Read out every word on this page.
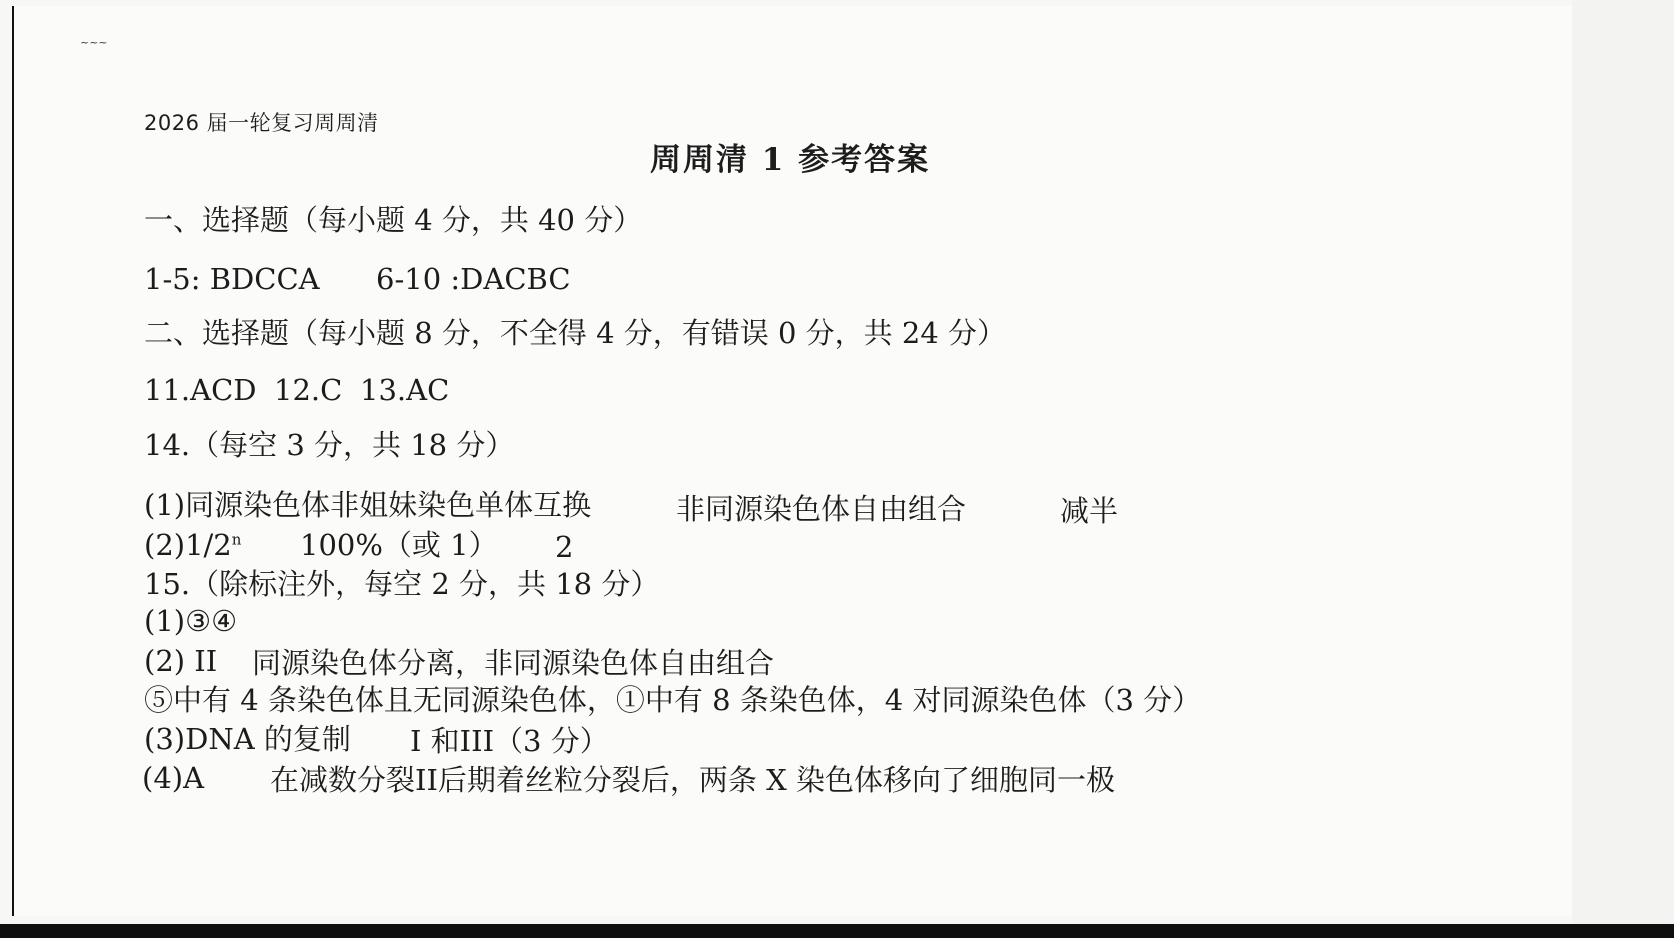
~~~
2026 届一轮复习周周清
周周清 1 参考答案
一、选择题（每小题 4 分，共 40 分）
1-5: BDCCA 6-10 :DACBC
二、选择题（每小题 8 分，不全得 4 分，有错误 0 分，共 24 分）
11.ACD 12.C 13.AC
14.（每空 3 分，共 18 分）
(1)同源染色体非姐妹染色单体互换	非同源染色体自由组合	减半
(2)1/2$^n$ 100%（或 1） 2
15.（除标注外，每空 2 分，共 18 分）
(1)③④
(2) II 同源染色体分离，非同源染色体自由组合
⑤中有 4 条染色体且无同源染色体，①中有 8 条染色体，4 对同源染色体（3 分）
(3)DNA 的复制 I 和III（3 分）
(4)A 在减数分裂II后期着丝粒分裂后，两条 X 染色体移向了细胞同一极
